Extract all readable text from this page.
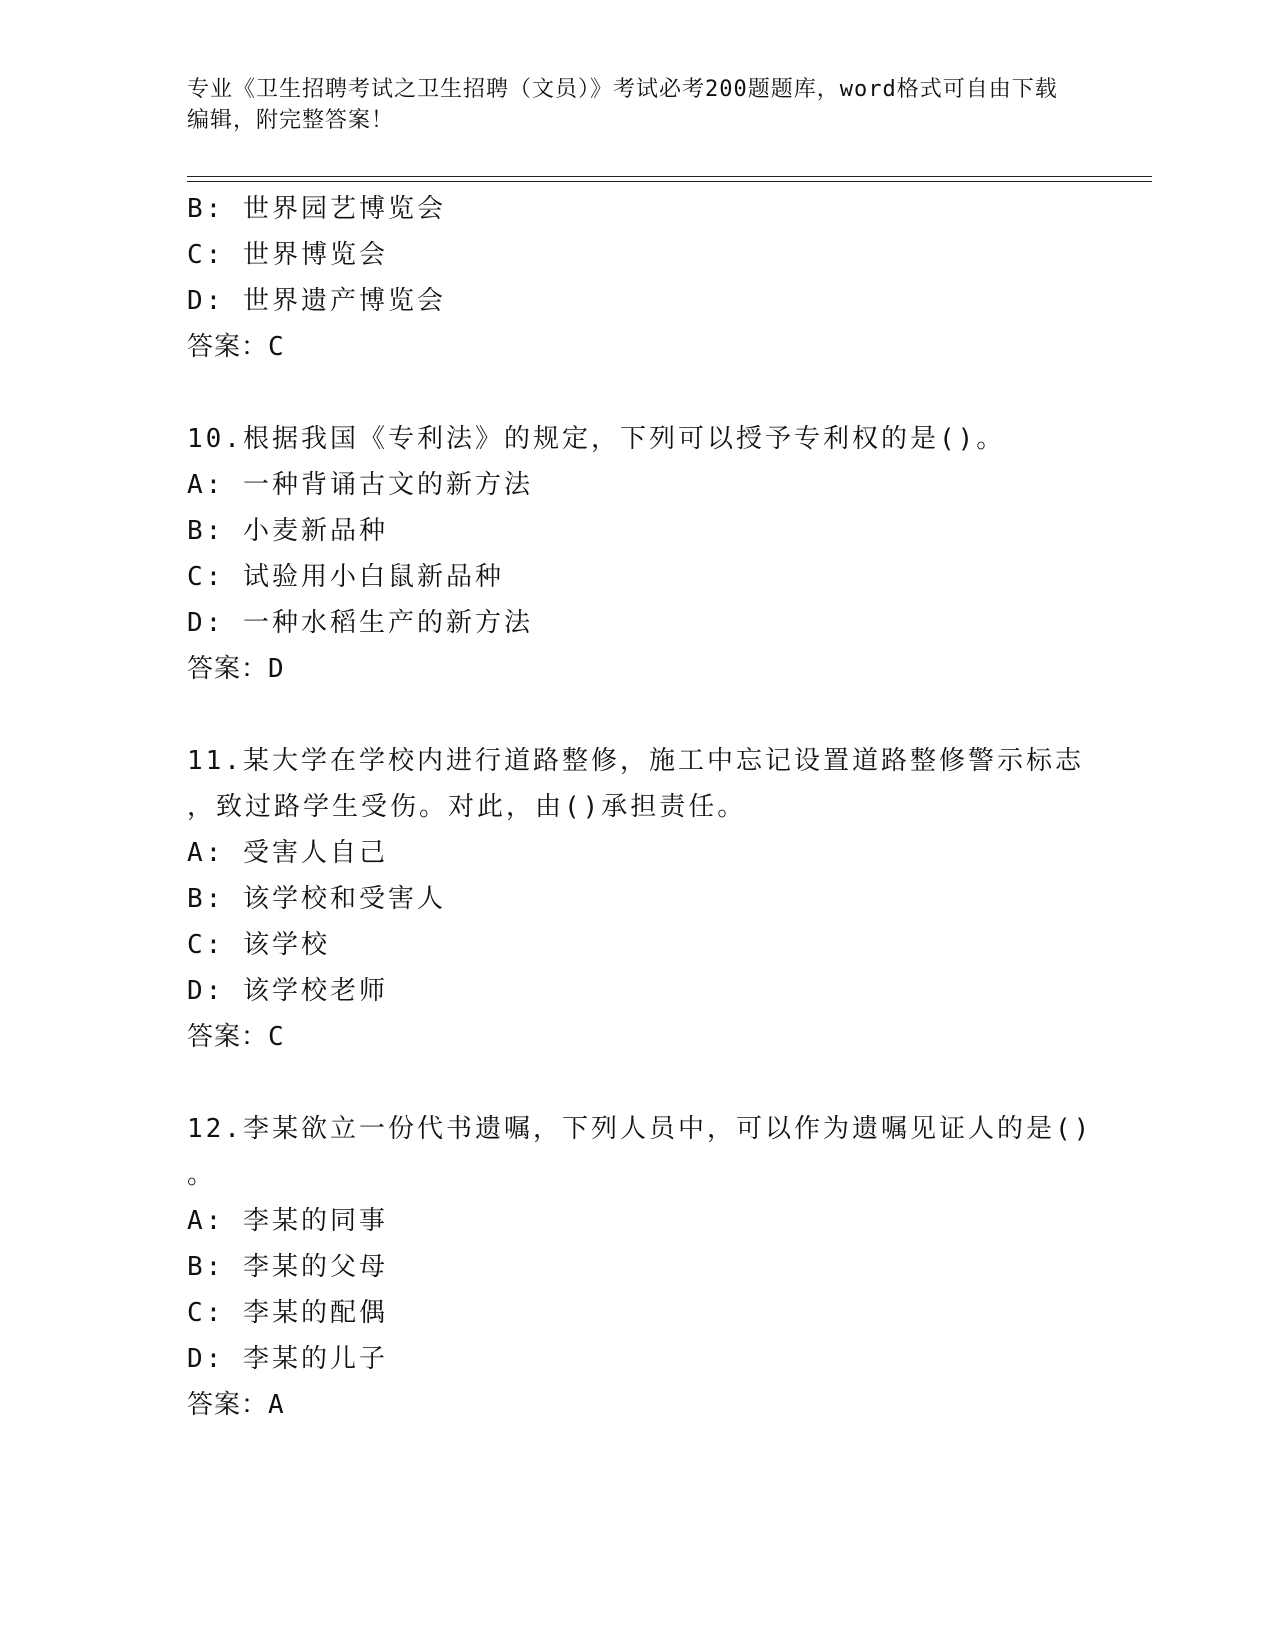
专业《卫生招聘考试之卫生招聘（文员）》考试必考200题题库，word格式可自由下载编辑，附完整答案！
B: 世界园艺博览会
C: 世界博览会
D: 世界遗产博览会
答案：C
10.根据我国《专利法》的规定，下列可以授予专利权的是()。
A: 一种背诵古文的新方法
B: 小麦新品种
C: 试验用小白鼠新品种
D: 一种水稻生产的新方法
答案：D
11.某大学在学校内进行道路整修，施工中忘记设置道路整修警示标志
，致过路学生受伤。对此，由()承担责任。
A: 受害人自己
B: 该学校和受害人
C: 该学校
D: 该学校老师
答案：C
12.李某欲立一份代书遗嘱，下列人员中，可以作为遗嘱见证人的是()
。
A: 李某的同事
B: 李某的父母
C: 李某的配偶
D: 李某的儿子
答案：A
